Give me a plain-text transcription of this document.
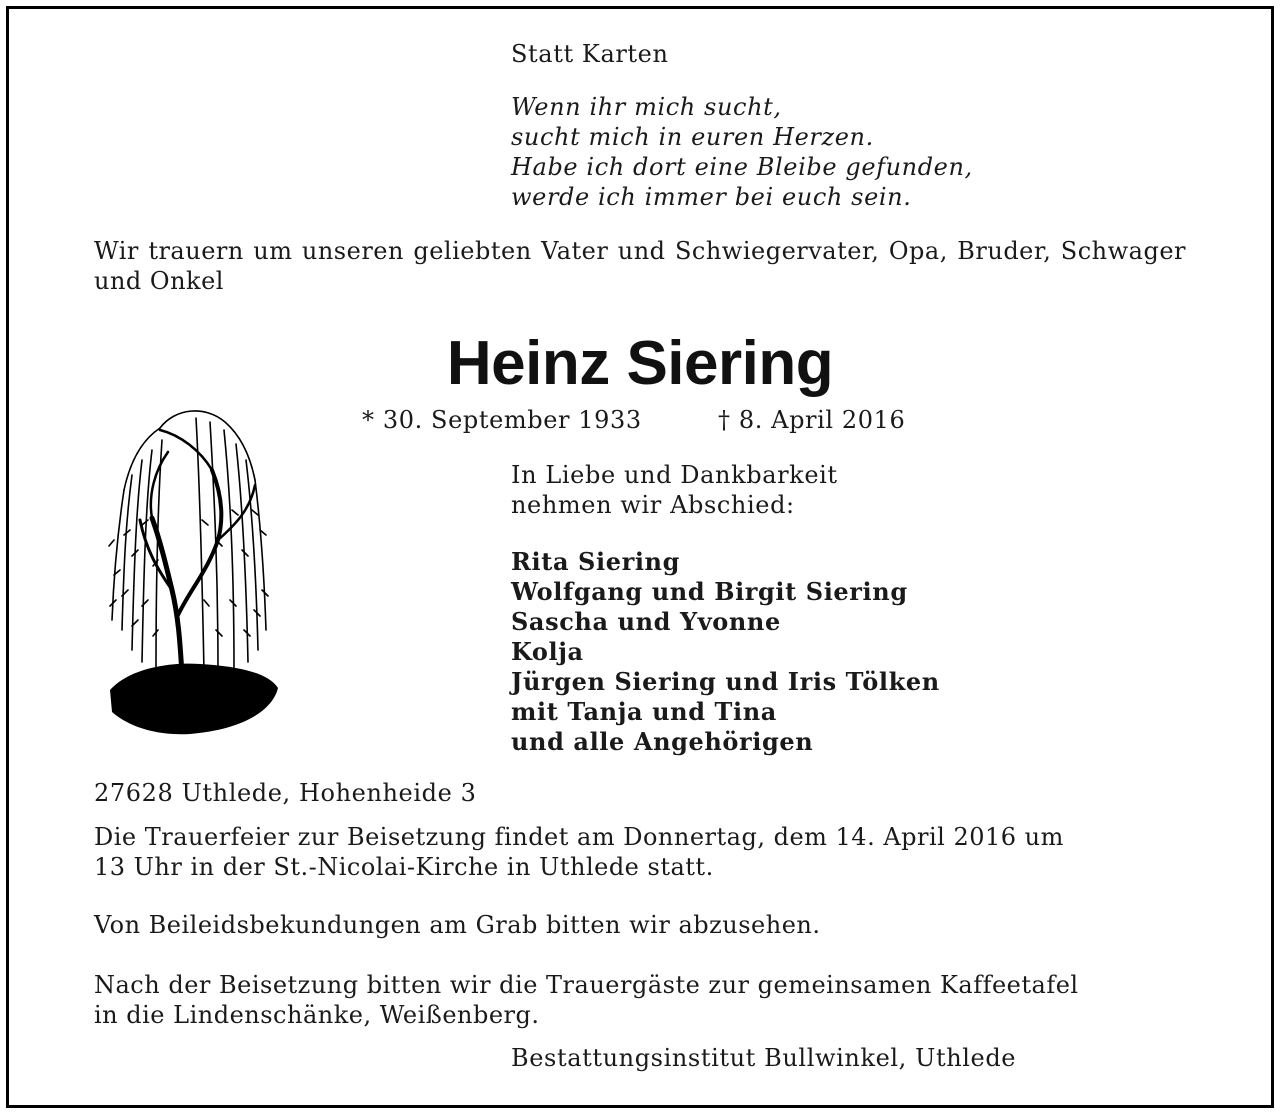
Statt Karten
Wenn ihr mich sucht,
sucht mich in euren Herzen.
Habe ich dort eine Bleibe gefunden,
werde ich immer bei euch sein.
Wir trauern um unseren geliebten Vater und Schwiegervater, Opa, Bruder, Schwager und Onkel
Heinz Siering
* 30. September 1933	† 8. April 2016
In Liebe und Dankbarkeit
nehmen wir Abschied:
Rita Siering
Wolfgang und Birgit Siering
Sascha und Yvonne
Kolja
Jürgen Siering und Iris Tölken
mit Tanja und Tina
und alle Angehörigen
27628 Uthlede, Hohenheide 3
Die Trauerfeier zur Beisetzung findet am Donnertag, dem 14. April 2016 um
13 Uhr in der St.-Nicolai-Kirche in Uthlede statt.
Von Beileidsbekundungen am Grab bitten wir abzusehen.
Nach der Beisetzung bitten wir die Trauergäste zur gemeinsamen Kaffeetafel
in die Lindenschänke, Weißenberg.
Bestattungsinstitut Bullwinkel, Uthlede
